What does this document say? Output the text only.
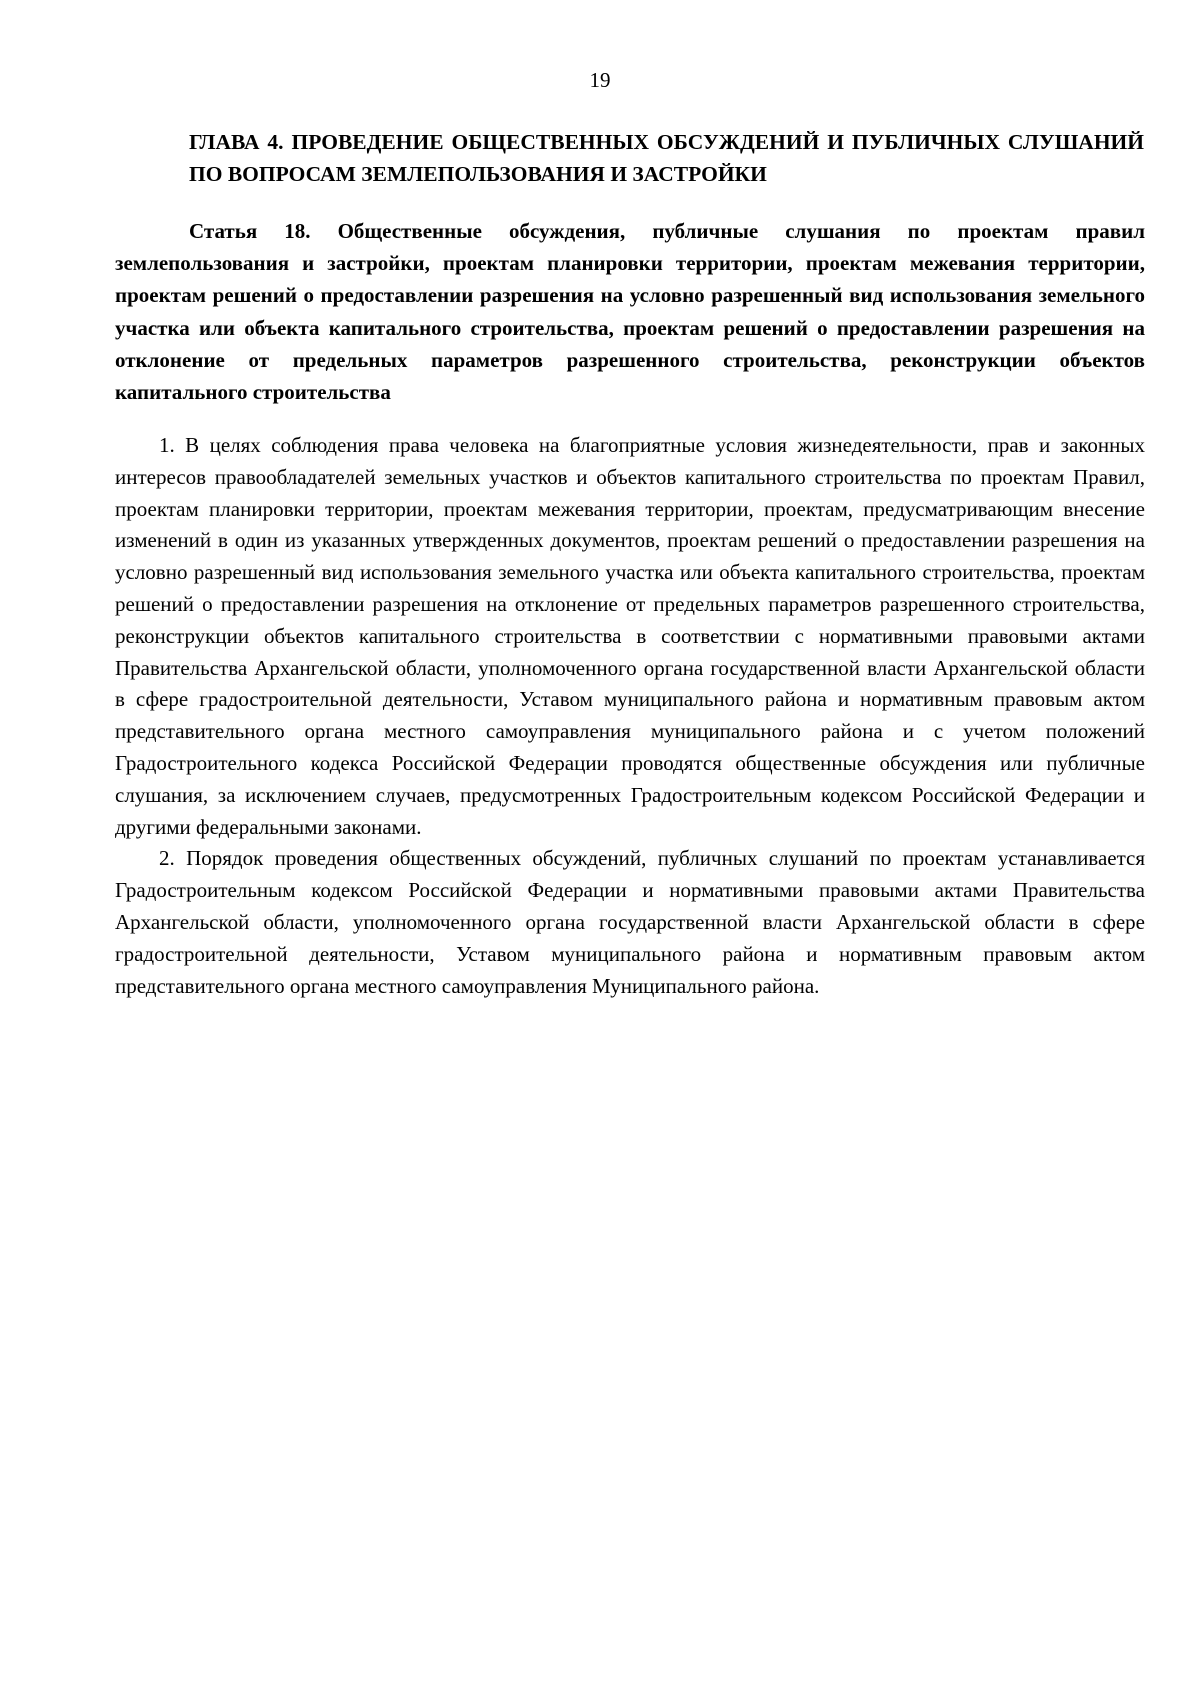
19
ГЛАВА 4. ПРОВЕДЕНИЕ ОБЩЕСТВЕННЫХ ОБСУЖДЕНИЙ И ПУБЛИЧНЫХ СЛУШАНИЙ ПО ВОПРОСАМ ЗЕМЛЕПОЛЬЗОВАНИЯ И ЗАСТРОЙКИ
Статья 18. Общественные обсуждения, публичные слушания по проектам правил землепользования и застройки, проектам планировки территории, проектам межевания территории, проектам решений о предоставлении разрешения на условно разрешенный вид использования земельного участка или объекта капитального строительства, проектам решений о предоставлении разрешения на отклонение от предельных параметров разрешенного строительства, реконструкции объектов капитального строительства

1. В целях соблюдения права человека на благоприятные условия жизнедеятельности, прав и законных интересов правообладателей земельных участков и объектов капитального строительства по проектам Правил, проектам планировки территории, проектам межевания территории, проектам, предусматривающим внесение изменений в один из указанных утвержденных документов, проектам решений о предоставлении разрешения на условно разрешенный вид использования земельного участка или объекта капитального строительства, проектам решений о предоставлении разрешения на отклонение от предельных параметров разрешенного строительства, реконструкции объектов капитального строительства в соответствии с нормативными правовыми актами Правительства Архангельской области, уполномоченного органа государственной власти Архангельской области в сфере градостроительной деятельности, Уставом муниципального района и нормативным правовым актом представительного органа местного самоуправления муниципального района и с учетом положений Градостроительного кодекса Российской Федерации проводятся общественные обсуждения или публичные слушания, за исключением случаев, предусмотренных Градостроительным кодексом Российской Федерации и другими федеральными законами.

2. Порядок проведения общественных обсуждений, публичных слушаний по проектам устанавливается Градостроительным кодексом Российской Федерации и нормативными правовыми актами Правительства Архангельской области, уполномоченного органа государственной власти Архангельской области в сфере градостроительной деятельности, Уставом муниципального района и нормативным правовым актом представительного органа местного самоуправления Муниципального района.
